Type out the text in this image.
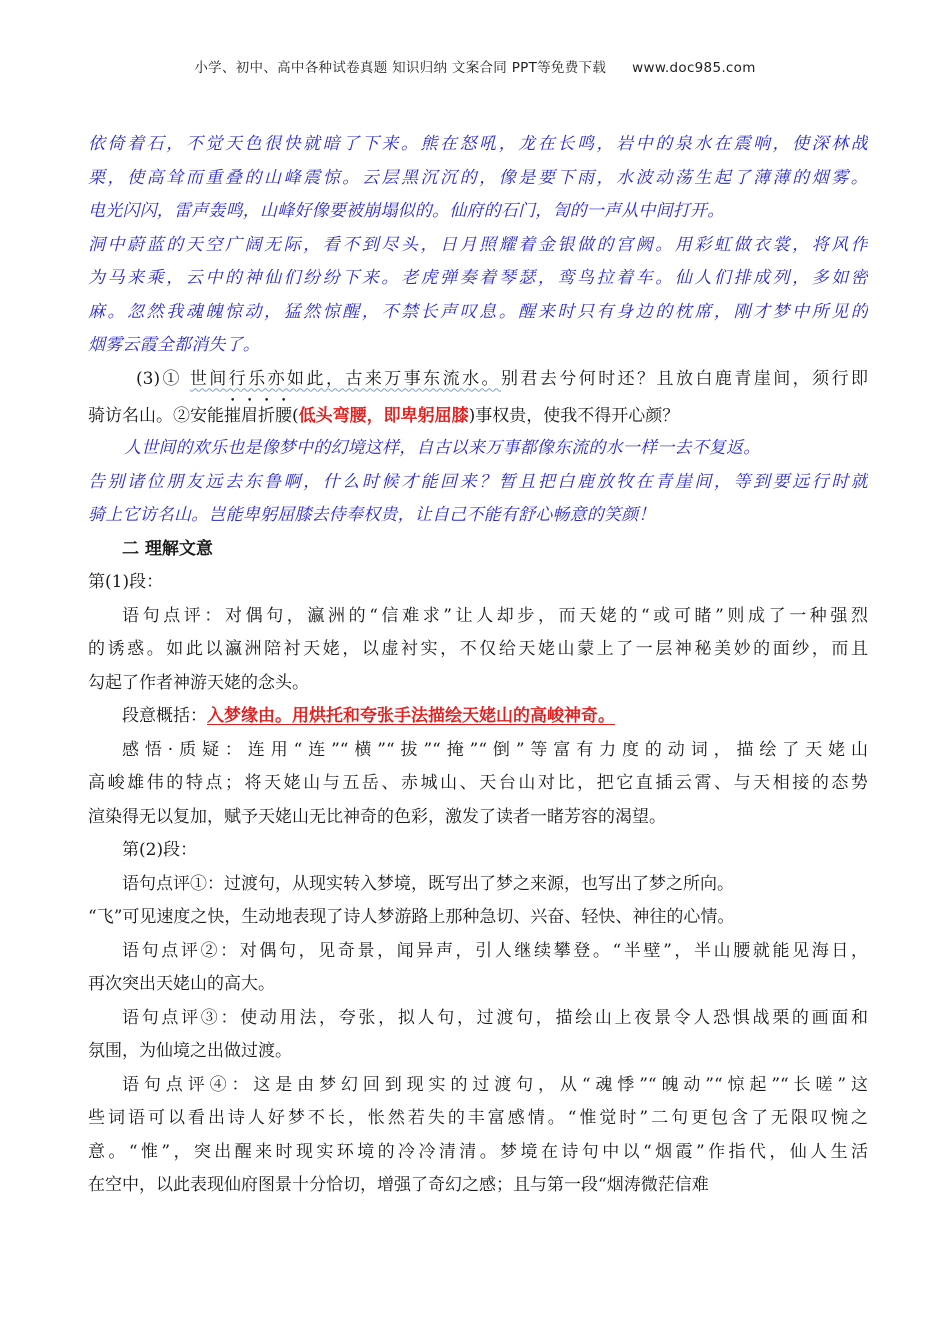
小学、初中、高中各种试卷真题 知识归纳 文案合同 PPT等免费下载 www.doc985.com
依倚着石，不觉天色很快就暗了下来。熊在怒吼，龙在长鸣，岩中的泉水在震响，使深林战
栗，使高耸而重叠的山峰震惊。云层黑沉沉的，像是要下雨，水波动荡生起了薄薄的烟雾。
电光闪闪，雷声轰鸣，山峰好像要被崩塌似的。仙府的石门，訇的一声从中间打开。
洞中蔚蓝的天空广阔无际，看不到尽头，日月照耀着金银做的宫阙。用彩虹做衣裳，将风作
为马来乘，云中的神仙们纷纷下来。老虎弹奏着琴瑟，鸾鸟拉着车。仙人们排成列，多如密
麻。忽然我魂魄惊动，猛然惊醒，不禁长声叹息。醒来时只有身边的枕席，刚才梦中所见的
烟雾云霞全都消失了。
(3)① 世间行乐亦如此，古来万事东流水。别君去兮何时还？且放白鹿青崖间，须行即
骑访名山。②安能摧眉折腰(低头弯腰，即卑躬屈膝)事权贵，使我不得开心颜？
人世间的欢乐也是像梦中的幻境这样，自古以来万事都像东流的水一样一去不复返。
告别诸位朋友远去东鲁啊，什么时候才能回来？暂且把白鹿放牧在青崖间，等到要远行时就
骑上它访名山。岂能卑躬屈膝去侍奉权贵，让自己不能有舒心畅意的笑颜！
二 理解文意
第(1)段：
语句点评：对偶句，瀛洲的“信难求”让人却步，而天姥的“或可睹”则成了一种强烈
的诱惑。如此以瀛洲陪衬天姥，以虚衬实，不仅给天姥山蒙上了一层神秘美妙的面纱，而且
勾起了作者神游天姥的念头。
段意概括：入梦缘由。用烘托和夸张手法描绘天姥山的高峻神奇。
感悟·质疑：连用“连”“横”“拔”“掩”“倒”等富有力度的动词，描绘了天姥山
高峻雄伟的特点；将天姥山与五岳、赤城山、天台山对比，把它直插云霄、与天相接的态势
渲染得无以复加，赋予天姥山无比神奇的色彩，激发了读者一睹芳容的渴望。
第(2)段：
语句点评①：过渡句，从现实转入梦境，既写出了梦之来源，也写出了梦之所向。
“飞”可见速度之快，生动地表现了诗人梦游路上那种急切、兴奋、轻快、神往的心情。
语句点评②：对偶句，见奇景，闻异声，引人继续攀登。“半壁”，半山腰就能见海日，
再次突出天姥山的高大。
语句点评③：使动用法，夸张，拟人句，过渡句，描绘山上夜景令人恐惧战栗的画面和
氛围，为仙境之出做过渡。
语句点评④：这是由梦幻回到现实的过渡句，从“魂悸”“魄动”“惊起”“长嗟”这
些词语可以看出诗人好梦不长，怅然若失的丰富感情。“惟觉时”二句更包含了无限叹惋之
意。“惟”，突出醒来时现实环境的冷冷清清。梦境在诗句中以“烟霞”作指代，仙人生活
在空中，以此表现仙府图景十分恰切，增强了奇幻之感；且与第一段“烟涛微茫信难
